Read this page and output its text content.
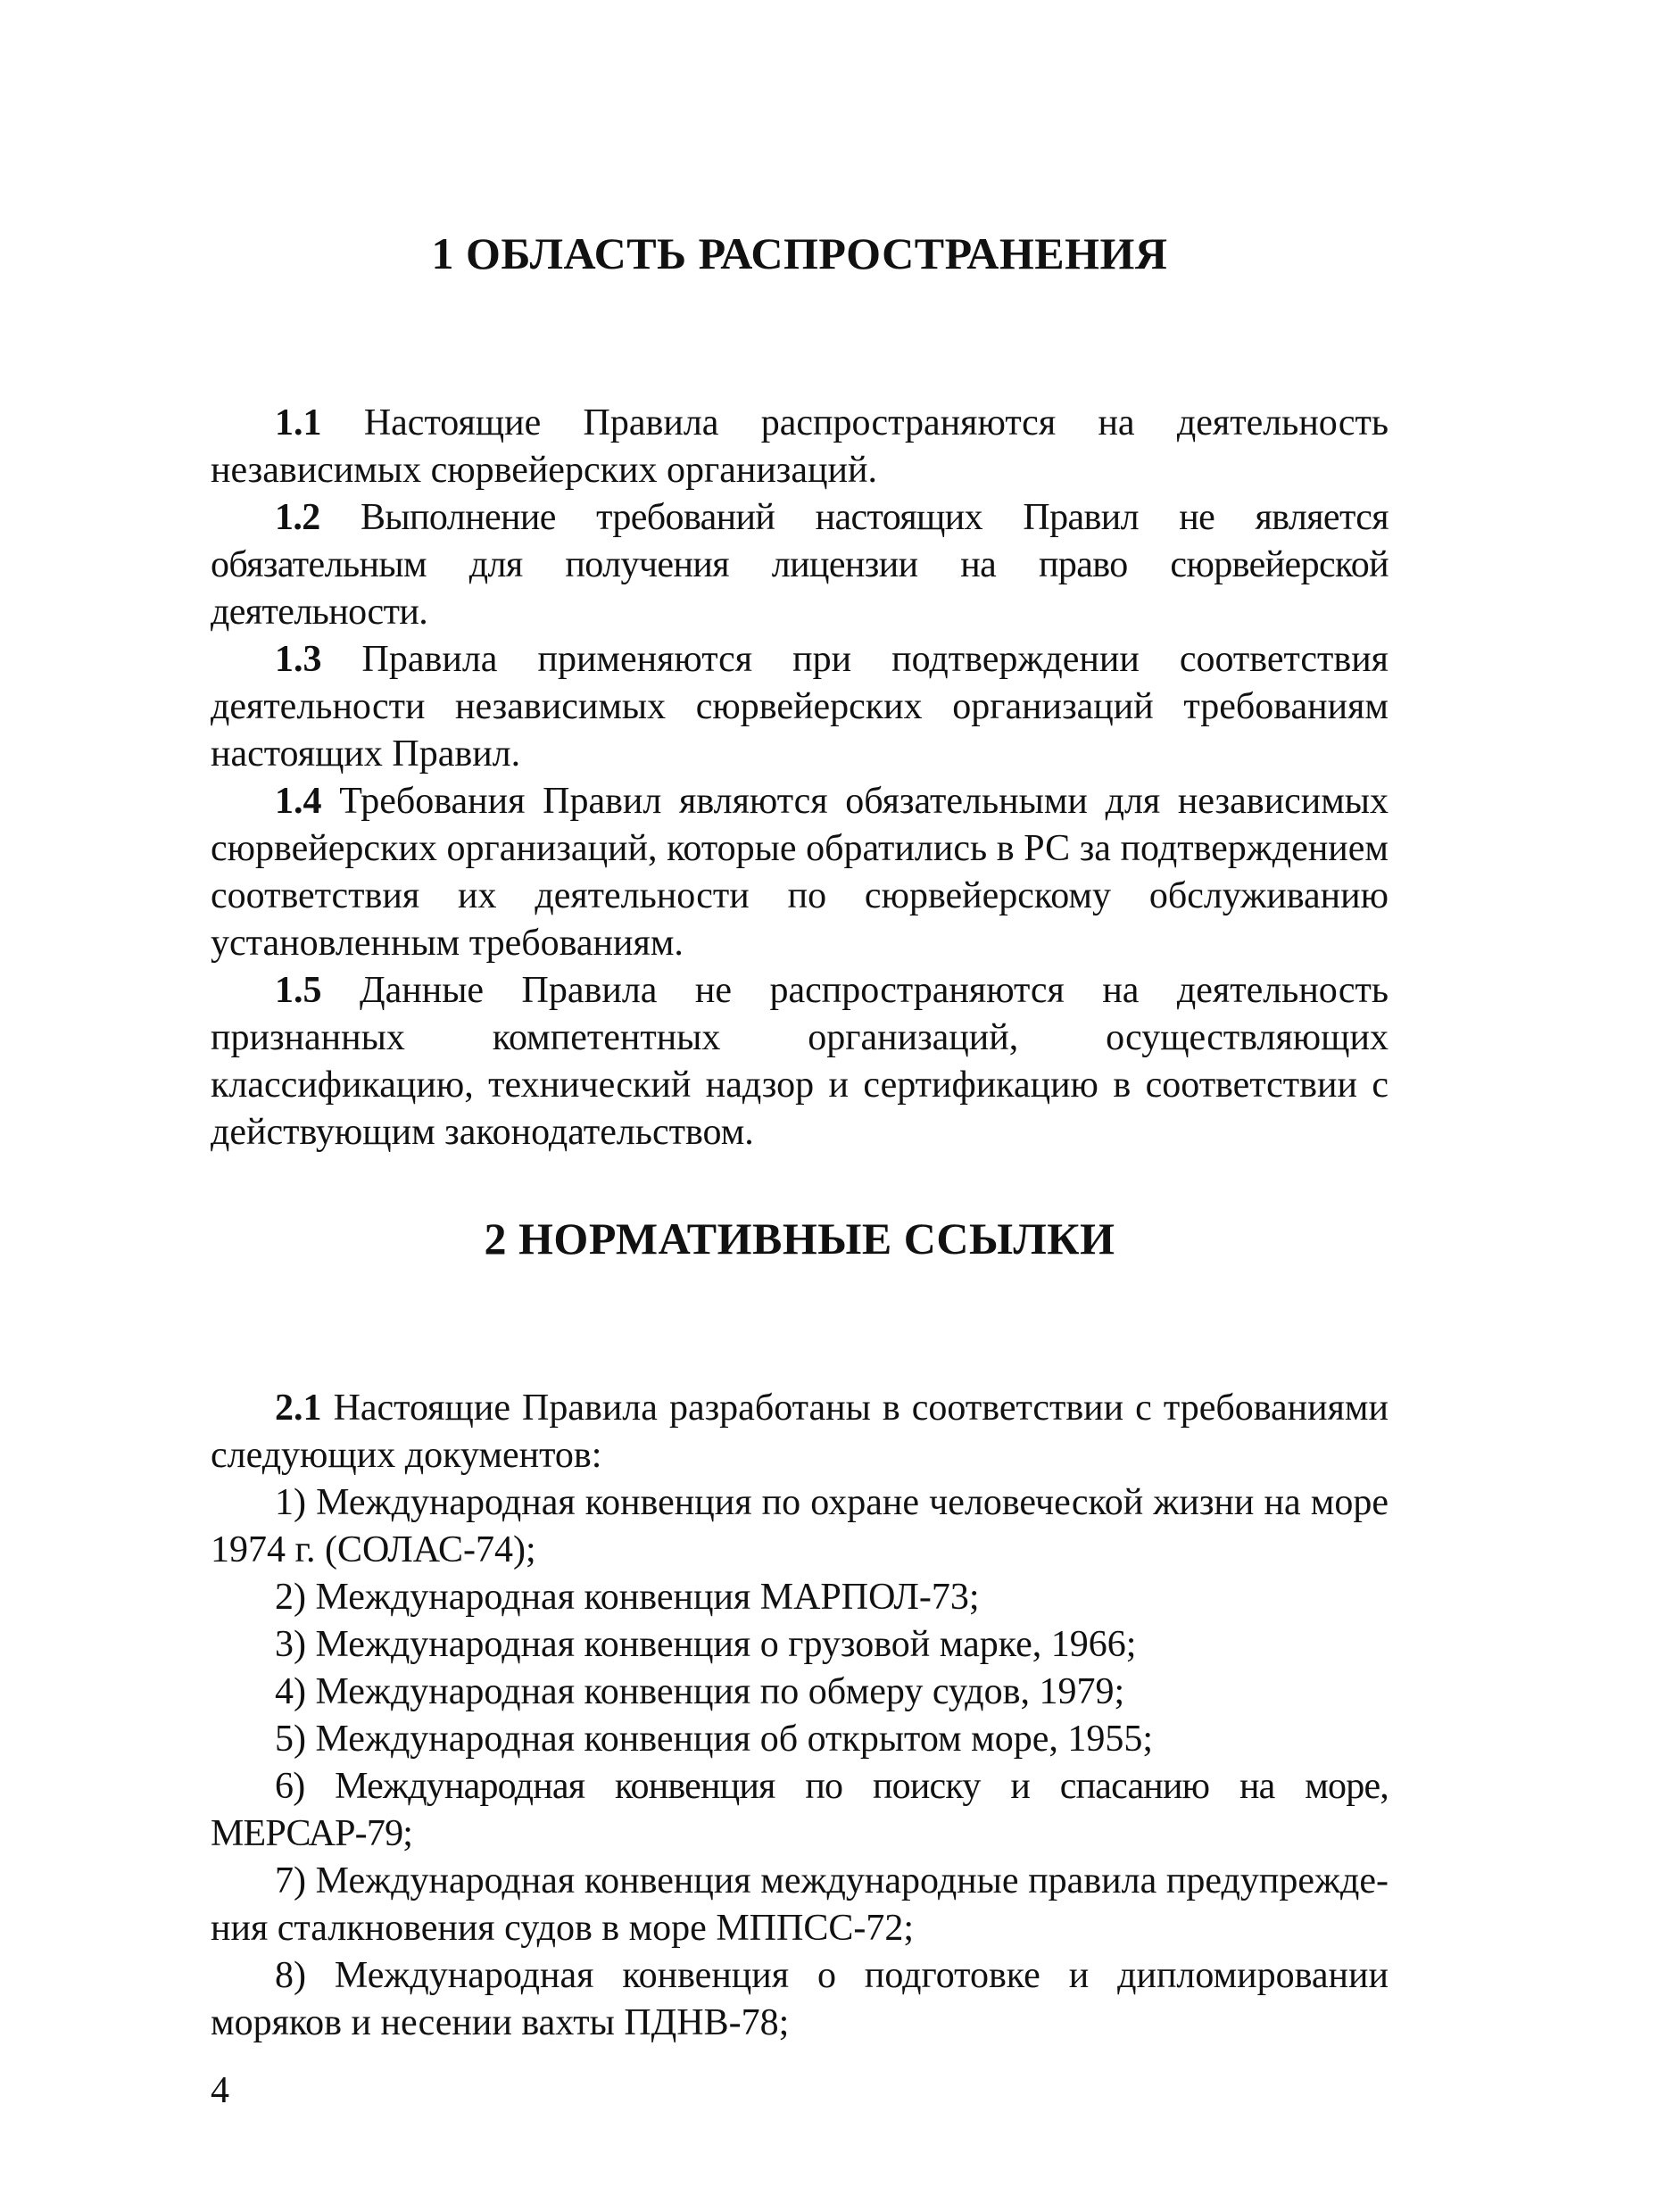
1 ОБЛАСТЬ РАСПРОСТРАНЕНИЯ

1.1 Настоящие Правила распространяются на деятельность независимых сюрвейерских организаций.

1.2 Выполнение требований настоящих Правил не является обязательным для получения лицензии на право сюрвейерской деятельности.

1.3 Правила применяются при подтверждении соответствия деятельности независимых сюрвейерских организаций требованиям настоящих Правил.

1.4 Требования Правил являются обязательными для независимых сюрвейерских организаций, которые обратились в РС за подтверждением соответствия их деятельности по сюрвейерскому обслуживанию установленным требованиям.

1.5 Данные Правила не распространяются на деятельность признанных компетентных организаций, осуществляющих классификацию, технический надзор и сертификацию в соответствии с действующим законодательством.

2 НОРМАТИВНЫЕ ССЫЛКИ

2.1 Настоящие Правила разработаны в соответствии с требованиями следующих документов:

1) Международная конвенция по охране человеческой жизни на море 1974 г. (СОЛАС-74);

2) Международная конвенция МАРПОЛ-73;

3) Международная конвенция о грузовой марке, 1966;

4) Международная конвенция по обмеру судов, 1979;

5) Международная конвенция об открытом море, 1955;

6) Международная конвенция по поиску и спасанию на море, МЕРСАР-79;

7) Международная конвенция международные правила предупреждения сталкновения судов в море МППСС-72;

8) Международная конвенция о подготовке и дипломировании моряков и несении вахты ПДНВ-78;

4
